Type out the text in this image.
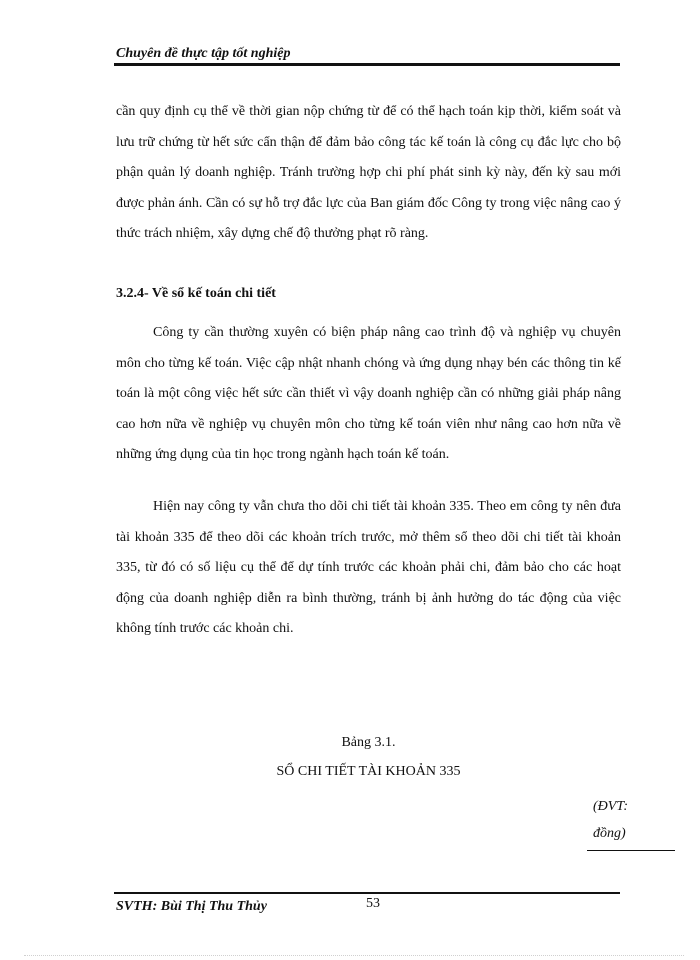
Chuyên đề thực tập tốt nghiệp

cần quy định cụ thể về thời gian nộp chứng từ để có thể hạch toán kịp thời, kiểm soát và lưu trữ chứng từ hết sức cẩn thận để đảm bảo công tác kế toán là công cụ đắc lực cho bộ phận quản lý doanh nghiệp. Tránh trường hợp chi phí phát sinh kỳ này, đến kỳ sau mới được phản ánh. Cần có sự hỗ trợ đắc lực của Ban giám đốc Công ty trong việc nâng cao ý thức trách nhiệm, xây dựng chế độ thưởng phạt rõ ràng.

3.2.4- Về sổ kế toán chi tiết

Công ty cần thường xuyên có biện pháp nâng cao trình độ và nghiệp vụ chuyên môn cho từng kế toán. Việc cập nhật nhanh chóng và ứng dụng nhạy bén các thông tin kế toán là một công việc hết sức cần thiết vì vậy doanh nghiệp cần có những giải pháp nâng cao hơn nữa về nghiệp vụ chuyên môn cho từng kế toán viên như nâng cao hơn nữa về những ứng dụng của tin học trong ngành hạch toán kế toán.

Hiện nay công ty vẫn chưa tho dõi chi tiết tài khoản 335. Theo em công ty nên đưa tài khoản 335 để theo dõi các khoản trích trước, mở thêm sổ theo dõi chi tiết tài khoản 335, từ đó có số liệu cụ thể để dự tính trước các khoản phải chi, đảm bảo cho các hoạt động của doanh nghiệp diễn ra bình thường, tránh bị ảnh hưởng do tác động của việc không tính trước các khoản chi.

Bảng 3.1.
SỔ CHI TIẾT TÀI KHOẢN 335
(ĐVT:
đồng)
SVTH: Bùi Thị Thu Thủy	53
